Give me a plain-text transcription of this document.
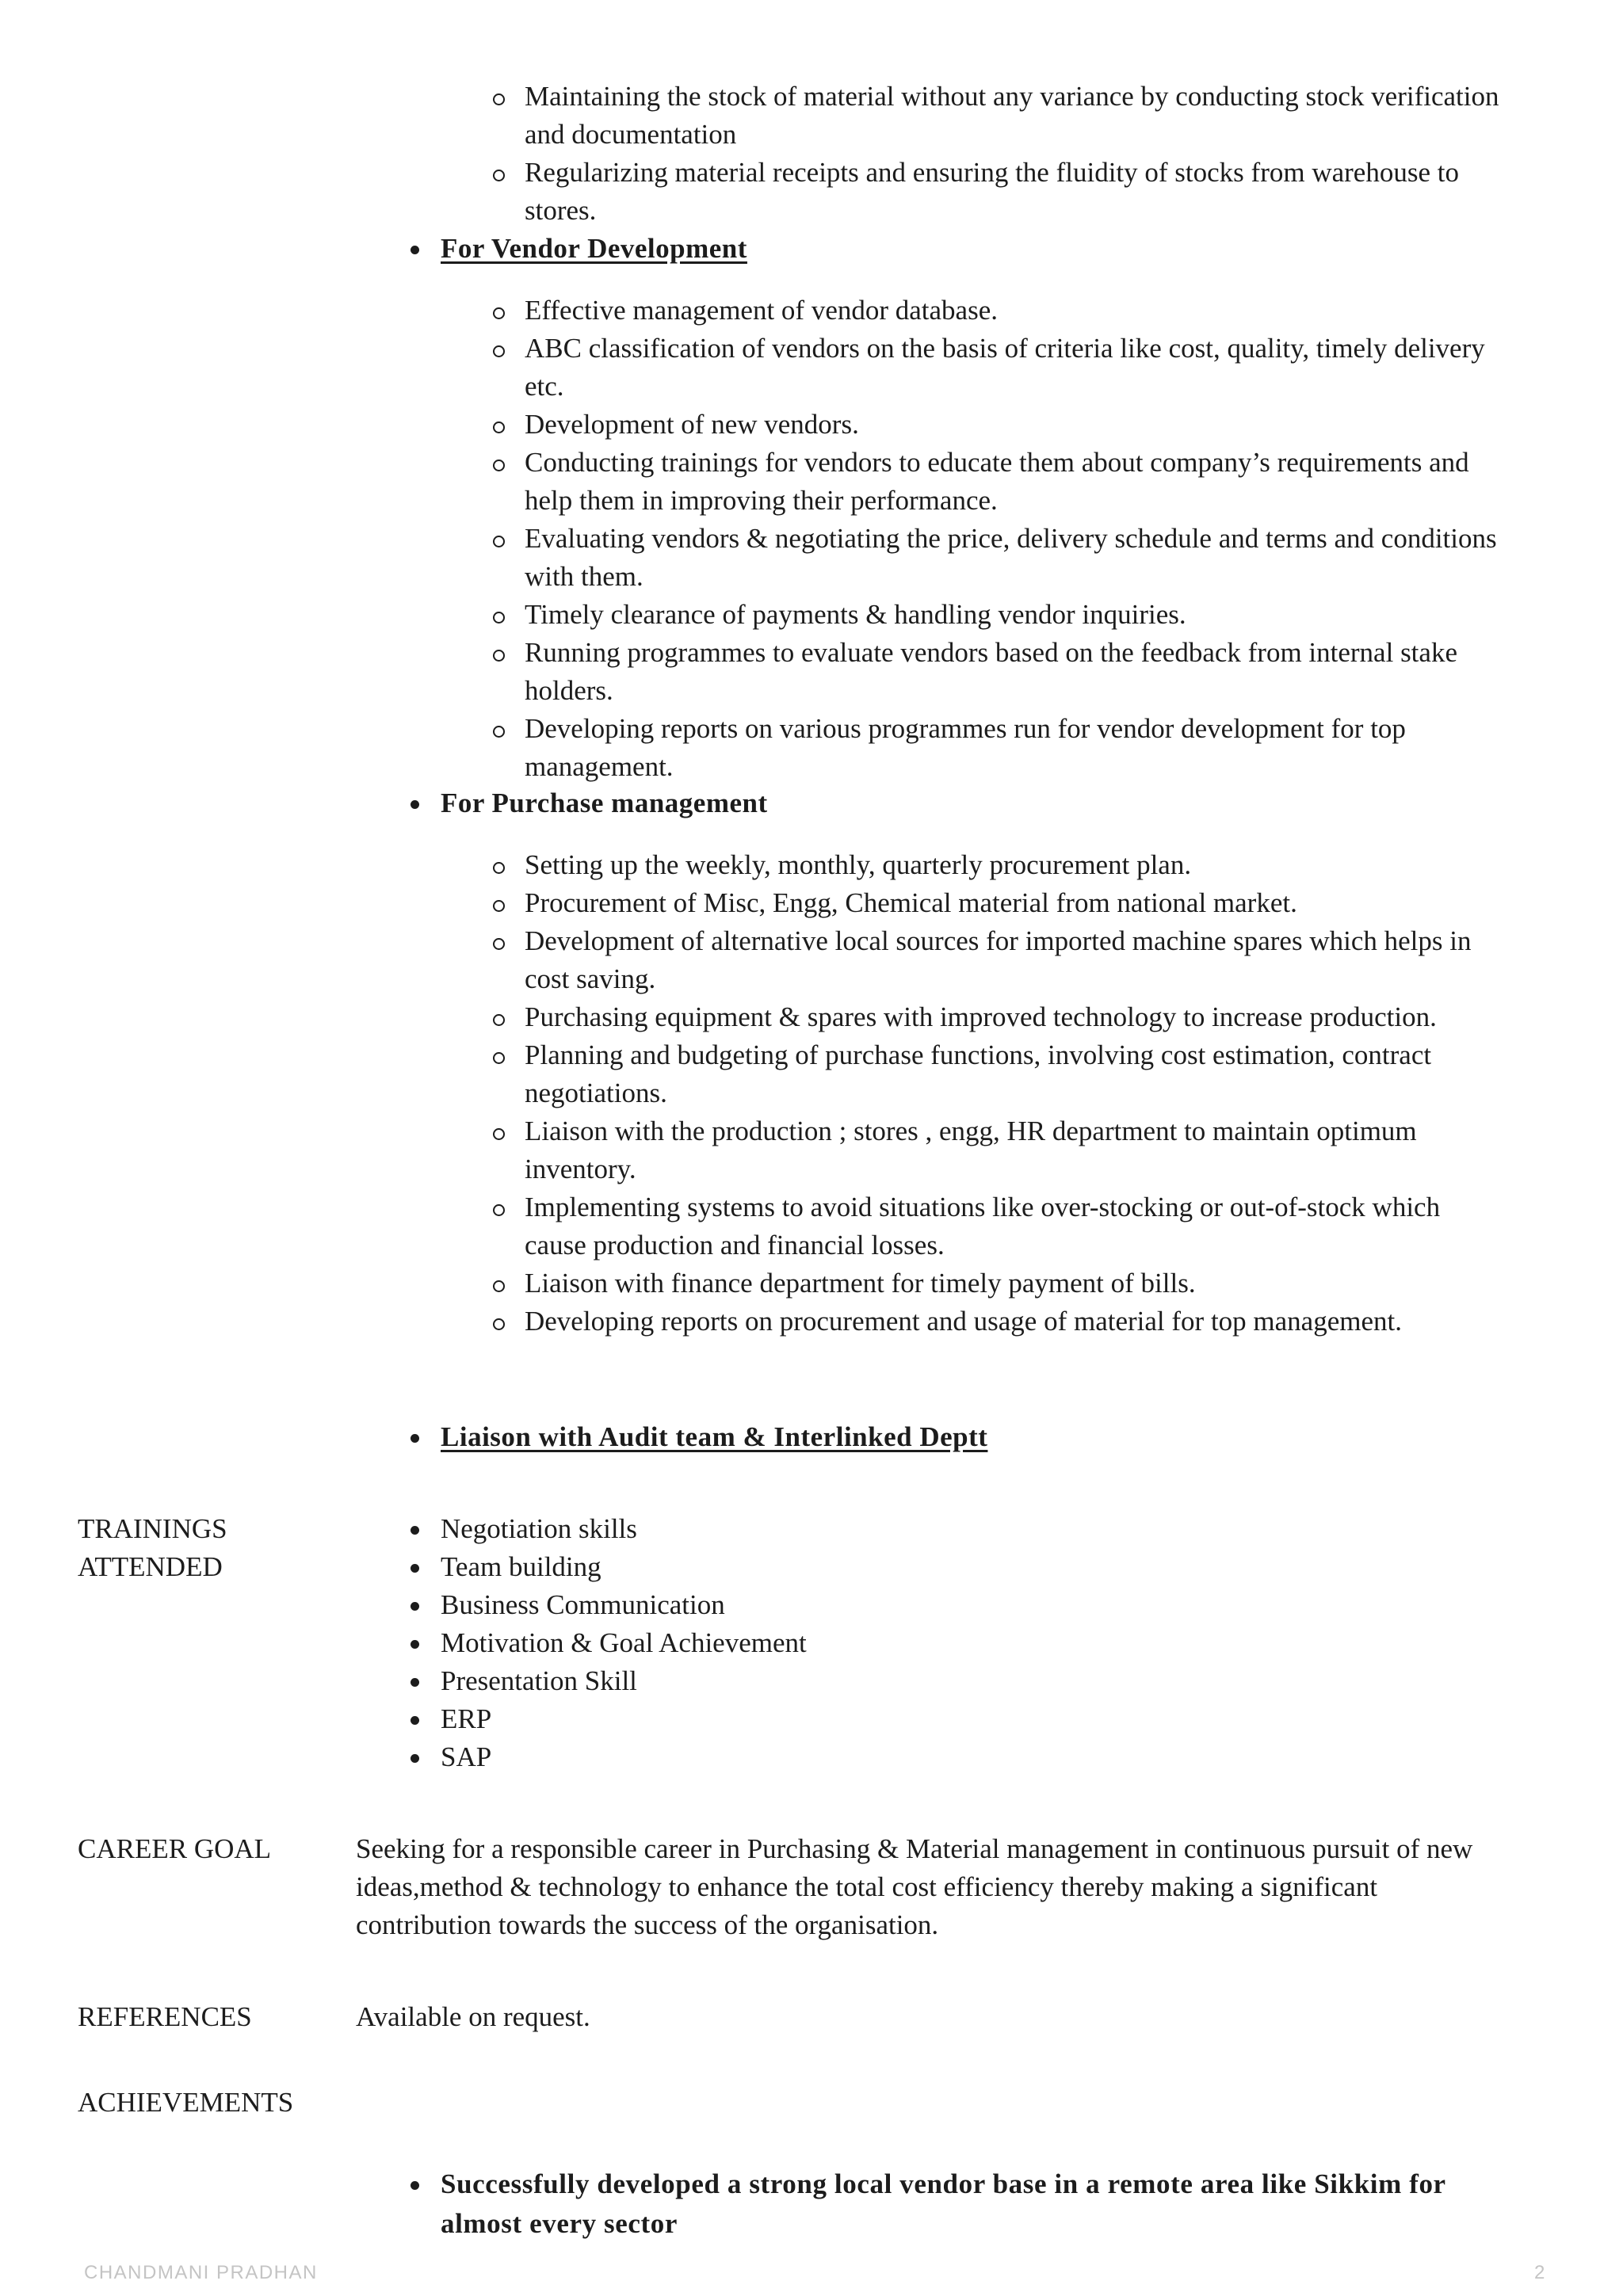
Maintaining the stock of material without any variance by conducting stock verification and documentation
Regularizing material receipts and ensuring the fluidity of stocks from warehouse to stores.
For Vendor Development
Effective management of vendor database.
ABC classification of vendors on the basis of criteria like cost, quality, timely delivery etc.
Development of new vendors.
Conducting trainings for vendors to educate them about company’s requirements and help them in improving their performance.
Evaluating vendors & negotiating the price, delivery schedule and terms and conditions with them.
Timely clearance of payments & handling vendor inquiries.
Running programmes to evaluate vendors based on the feedback from internal stake holders.
Developing reports on various programmes run for vendor development for top management.
For Purchase management
Setting up the weekly, monthly, quarterly procurement plan.
Procurement of Misc, Engg, Chemical material from national market.
Development of alternative local sources for imported machine spares which helps in cost saving.
Purchasing equipment & spares with improved technology to increase production.
Planning and budgeting of purchase functions, involving cost estimation, contract negotiations.
Liaison with the production ; stores , engg, HR department to maintain optimum inventory.
Implementing systems to avoid situations like over-stocking or out-of-stock which cause production and financial losses.
Liaison with finance department for timely payment of bills.
Developing reports on procurement and usage of material for top management.
Liaison with Audit team & Interlinked Deptt
TRAININGS
ATTENDED
Negotiation skills
Team building
Business Communication
Motivation & Goal Achievement
Presentation Skill
ERP
SAP
CAREER GOAL	Seeking for a responsible career in Purchasing & Material management in continuous pursuit of new ideas,method & technology to enhance the total cost efficiency thereby making a significant contribution towards the success of the organisation.
REFERENCES	Available on request.
ACHIEVEMENTS
Successfully developed a strong local vendor base in a remote area like Sikkim for almost every sector
CHANDMANI PRADHAN	2
